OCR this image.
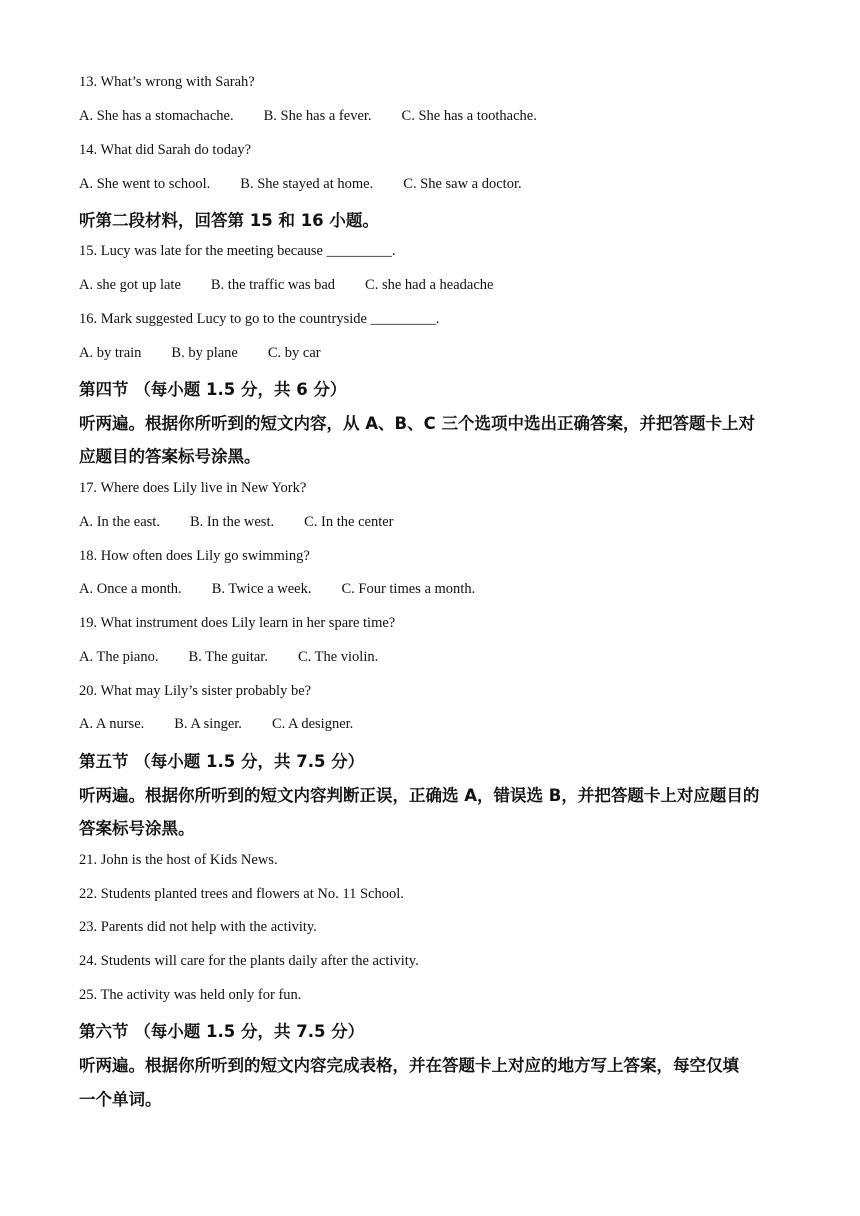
13. What’s wrong with Sarah?
A. She has a stomachache. B. She has a fever. C. She has a toothache.
14. What did Sarah do today?
A. She went to school. B. She stayed at home. C. She saw a doctor.
听第二段材料，回答第 15 和 16 小题。
15. Lucy was late for the meeting because _________.
A. she got up late B. the traffic was bad C. she had a headache
16. Mark suggested Lucy to go to the countryside _________.
A. by train B. by plane C. by car
第四节 （每小题 1.5 分，共 6 分）
听两遍。根据你所听到的短文内容，从 A、B、C 三个选项中选出正确答案，并把答题卡上对
应题目的答案标号涂黑。
17. Where does Lily live in New York?
A. In the east. B. In the west. C. In the center
18. How often does Lily go swimming?
A. Once a month. B. Twice a week. C. Four times a month.
19. What instrument does Lily learn in her spare time?
A. The piano. B. The guitar. C. The violin.
20. What may Lily’s sister probably be?
A. A nurse. B. A singer. C. A designer.
第五节 （每小题 1.5 分，共 7.5 分）
听两遍。根据你所听到的短文内容判断正误，正确选 A，错误选 B，并把答题卡上对应题目的
答案标号涂黑。
21. John is the host of Kids News.
22. Students planted trees and flowers at No. 11 School.
23. Parents did not help with the activity.
24. Students will care for the plants daily after the activity.
25. The activity was held only for fun.
第六节 （每小题 1.5 分，共 7.5 分）
听两遍。根据你所听到的短文内容完成表格，并在答题卡上对应的地方写上答案，每空仅填
一个单词。
